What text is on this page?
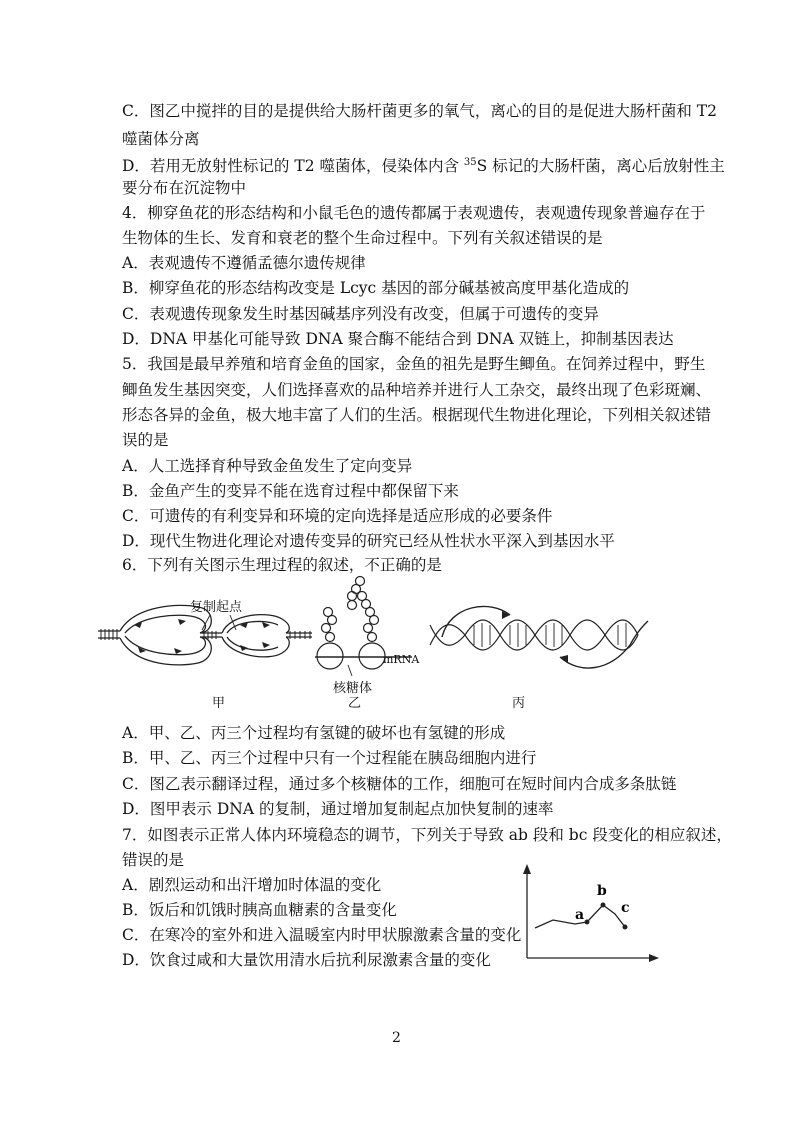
C．图乙中搅拌的目的是提供给大肠杆菌更多的氧气，离心的目的是促进大肠杆菌和 T2
噬菌体分离
D．若用无放射性标记的 T2 噬菌体，侵染体内含 $^{35}$S 标记的大肠杆菌，离心后放射性主
要分布在沉淀物中
4．柳穿鱼花的形态结构和小鼠毛色的遗传都属于表观遗传，表观遗传现象普遍存在于
生物体的生长、发育和衰老的整个生命过程中。下列有关叙述错误的是
A．表观遗传不遵循孟德尔遗传规律
B．柳穿鱼花的形态结构改变是 Lcyc 基因的部分碱基被高度甲基化造成的
C．表观遗传现象发生时基因碱基序列没有改变，但属于可遗传的变异
D．DNA 甲基化可能导致 DNA 聚合酶不能结合到 DNA 双链上，抑制基因表达
5．我国是最早养殖和培育金鱼的国家，金鱼的祖先是野生鲫鱼。在饲养过程中，野生
鲫鱼发生基因突变，人们选择喜欢的品种培养并进行人工杂交，最终出现了色彩斑斓、
形态各异的金鱼，极大地丰富了人们的生活。根据现代生物进化理论，下列相关叙述错
误的是
A．人工选择育种导致金鱼发生了定向变异
B．金鱼产生的变异不能在选育过程中都保留下来
C．可遗传的有利变异和环境的定向选择是适应形成的必要条件
D．现代生物进化理论对遗传变异的研究已经从性状水平深入到基因水平
6．下列有关图示生理过程的叙述，不正确的是
复制起点
mRNA
核糖体
甲	乙	丙
A．甲、乙、丙三个过程均有氢键的破坏也有氢键的形成
B．甲、乙、丙三个过程中只有一个过程能在胰岛细胞内进行
C．图乙表示翻译过程，通过多个核糖体的工作，细胞可在短时间内合成多条肽链
D．图甲表示 DNA 的复制，通过增加复制起点加快复制的速率
7．如图表示正常人体内环境稳态的调节，下列关于导致 ab 段和 bc 段变化的相应叙述，
错误的是
A．剧烈运动和出汗增加时体温的变化
B．饭后和饥饿时胰高血糖素的含量变化
C．在寒冷的室外和进入温暖室内时甲状腺激素含量的变化
D．饮食过咸和大量饮用清水后抗利尿激素含量的变化
a
b
c
2
